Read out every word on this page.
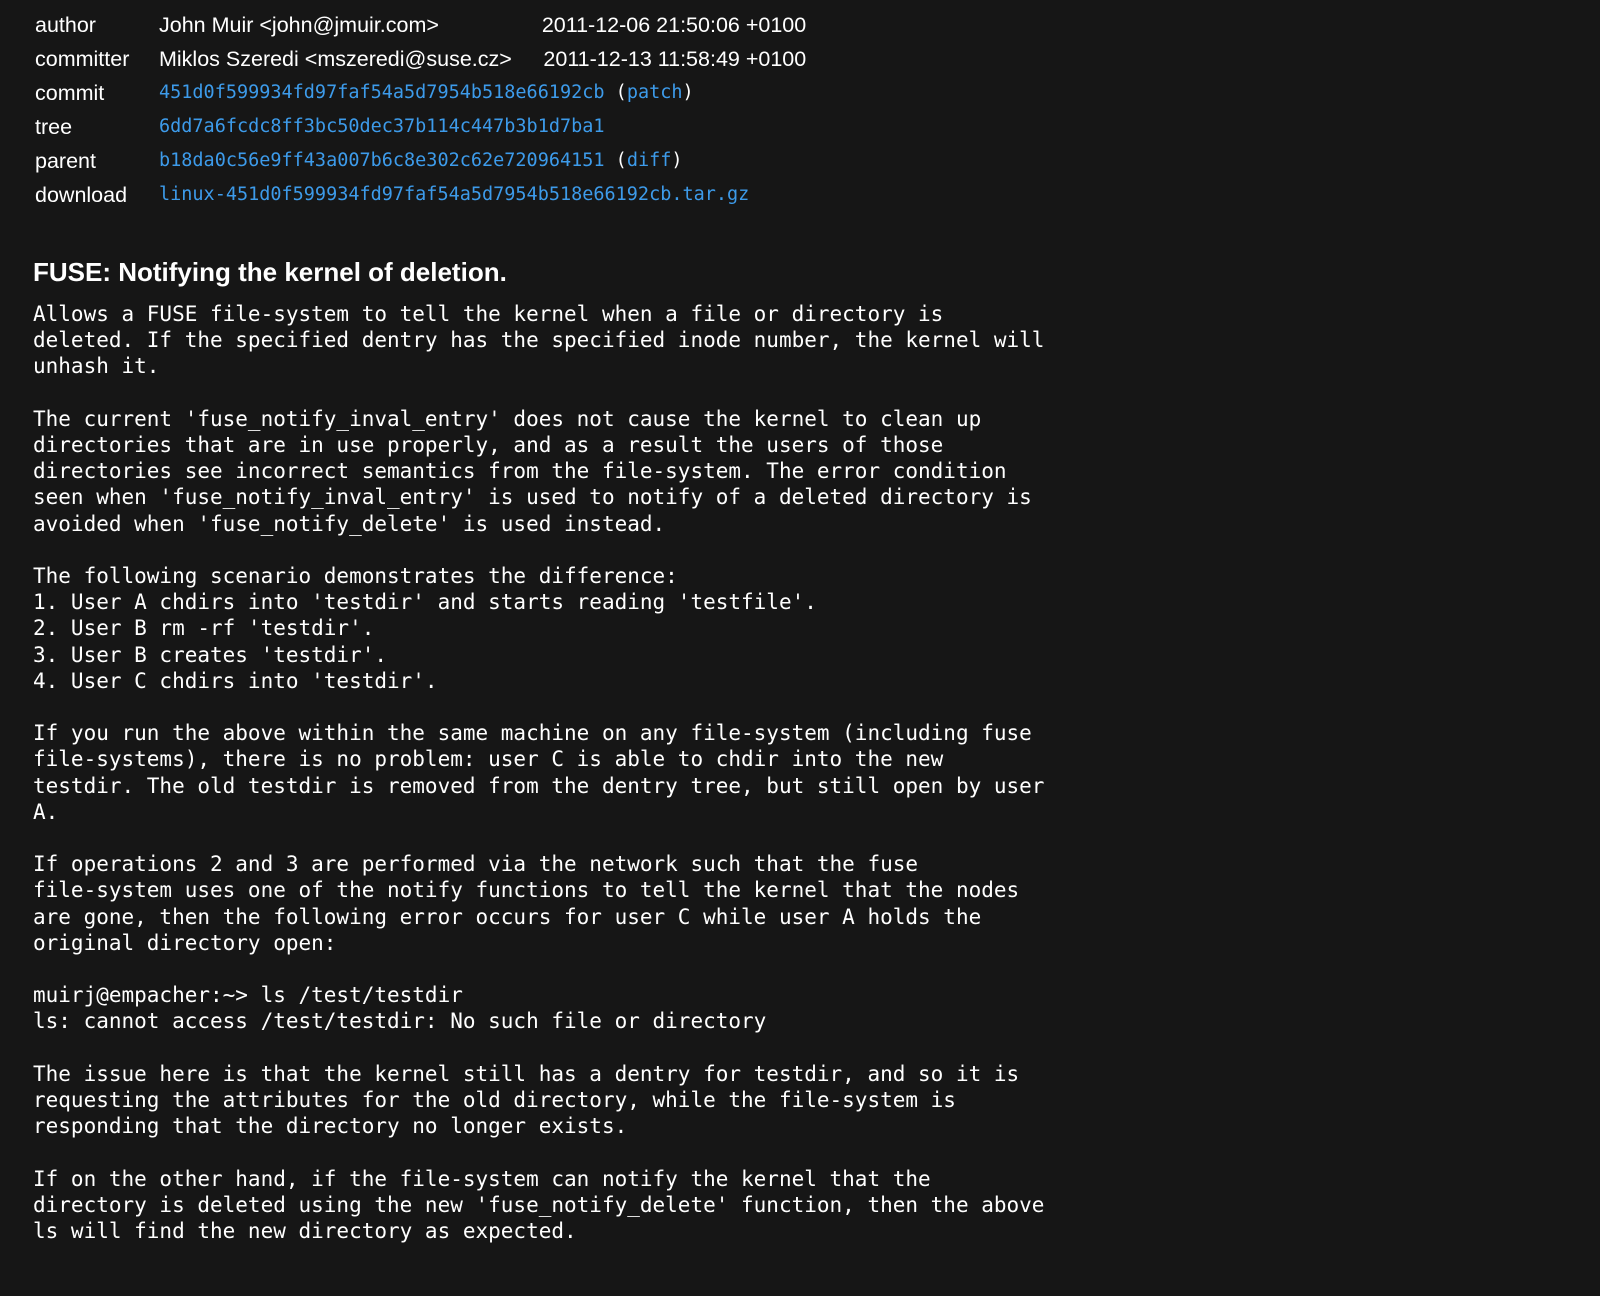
author	John Muir <john@jmuir.com>	2011-12-06 21:50:06 +0100
committer	Miklos Szeredi <mszeredi@suse.cz>	2011-12-13 11:58:49 +0100
commit	451d0f599934fd97faf54a5d7954b518e66192cb (patch)	
tree	6dd7a6fcdc8ff3bc50dec37b114c447b3b1d7ba1	
parent	b18da0c56e9ff43a007b6c8e302c62e720964151 (diff)	
download	linux-451d0f599934fd97faf54a5d7954b518e66192cb.tar.gz	
FUSE: Notifying the kernel of deletion.
Allows a FUSE file-system to tell the kernel when a file or directory is
deleted. If the specified dentry has the specified inode number, the kernel will
unhash it.

The current 'fuse_notify_inval_entry' does not cause the kernel to clean up
directories that are in use properly, and as a result the users of those
directories see incorrect semantics from the file-system. The error condition
seen when 'fuse_notify_inval_entry' is used to notify of a deleted directory is
avoided when 'fuse_notify_delete' is used instead.

The following scenario demonstrates the difference:
1. User A chdirs into 'testdir' and starts reading 'testfile'.
2. User B rm -rf 'testdir'.
3. User B creates 'testdir'.
4. User C chdirs into 'testdir'.

If you run the above within the same machine on any file-system (including fuse
file-systems), there is no problem: user C is able to chdir into the new
testdir. The old testdir is removed from the dentry tree, but still open by user
A.

If operations 2 and 3 are performed via the network such that the fuse
file-system uses one of the notify functions to tell the kernel that the nodes
are gone, then the following error occurs for user C while user A holds the
original directory open:

muirj@empacher:~> ls /test/testdir
ls: cannot access /test/testdir: No such file or directory

The issue here is that the kernel still has a dentry for testdir, and so it is
requesting the attributes for the old directory, while the file-system is
responding that the directory no longer exists.

If on the other hand, if the file-system can notify the kernel that the
directory is deleted using the new 'fuse_notify_delete' function, then the above
ls will find the new directory as expected.
